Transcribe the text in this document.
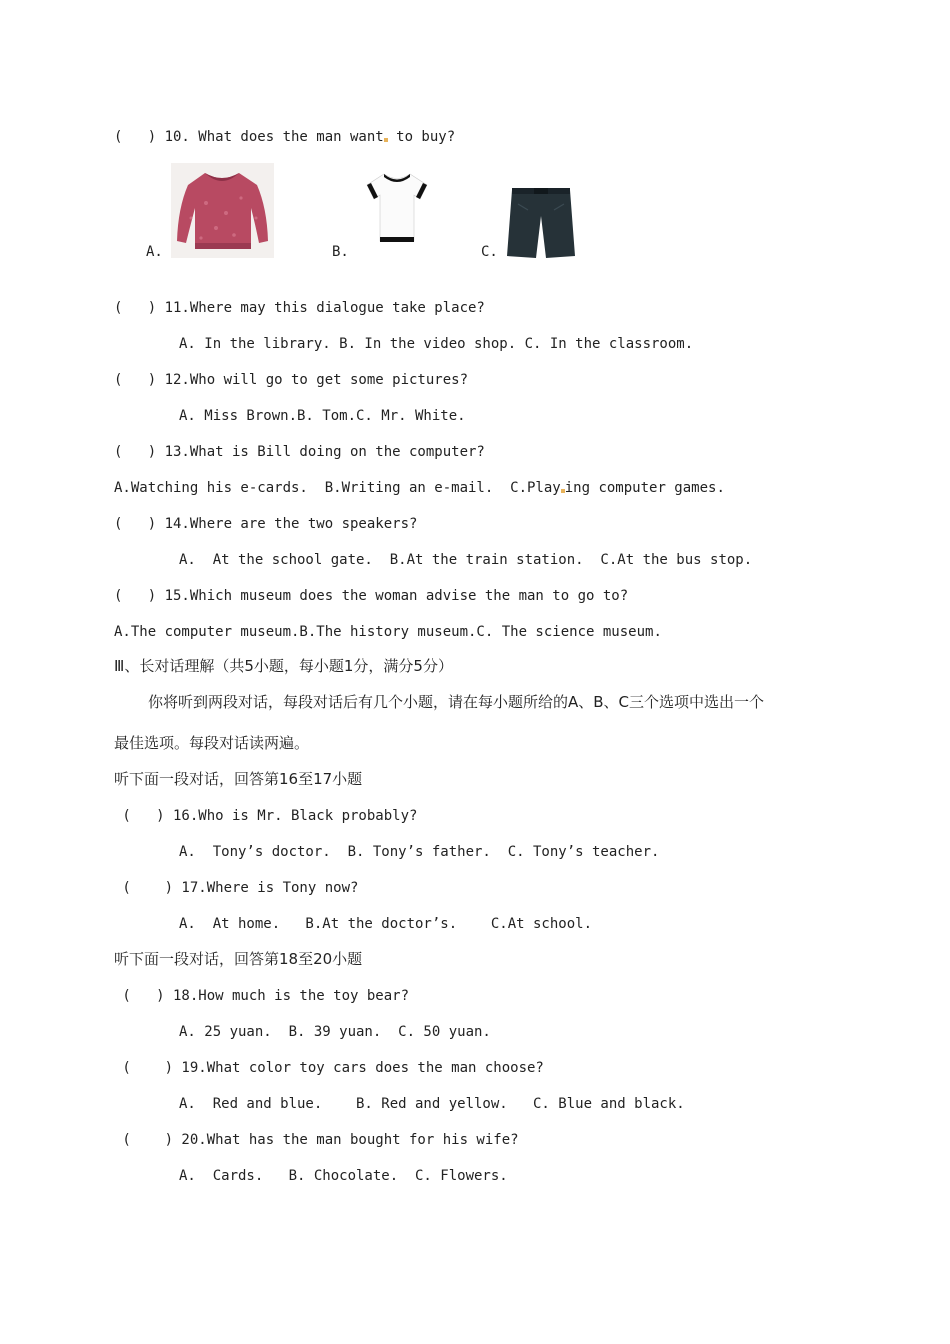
(   ) 10. What does the man want to buy?
A.	B.	C.
(   ) 11.Where may this dialogue take place?
A. In the library. B. In the video shop. C. In the classroom.
(   ) 12.Who will go to get some pictures?
A. Miss Brown.B. Tom.C. Mr. White.
(   ) 13.What is Bill doing on the computer?
A.Watching his e-cards.  B.Writing an e-mail.  C.Play ing computer games.
(   ) 14.Where are the two speakers?
A.  At the school gate.  B.At the train station.  C.At the bus stop.
(   ) 15.Which museum does the woman advise the man to go to?
A.The computer museum.B.The history museum.C. The science museum.
Ⅲ、长对话理解（共5小题，每小题1分，满分5分）
你将听到两段对话，每段对话后有几个小题，请在每小题所给的A、B、C三个选项中选出一个
最佳选项。每段对话读两遍。
听下面一段对话，回答第16至17小题
(   ) 16.Who is Mr. Black probably?
A.  Tony’s doctor.  B. Tony’s father.  C. Tony’s teacher.
(    ) 17.Where is Tony now?
A.  At home.   B.At the doctor’s.    C.At school.
听下面一段对话，回答第18至20小题
(   ) 18.How much is the toy bear?
A. 25 yuan.  B. 39 yuan.  C. 50 yuan.
(    ) 19.What color toy cars does the man choose?
A.  Red and blue.    B. Red and yellow.   C. Blue and black.
(    ) 20.What has the man bought for his wife?
A.  Cards.   B. Chocolate.  C. Flowers.
